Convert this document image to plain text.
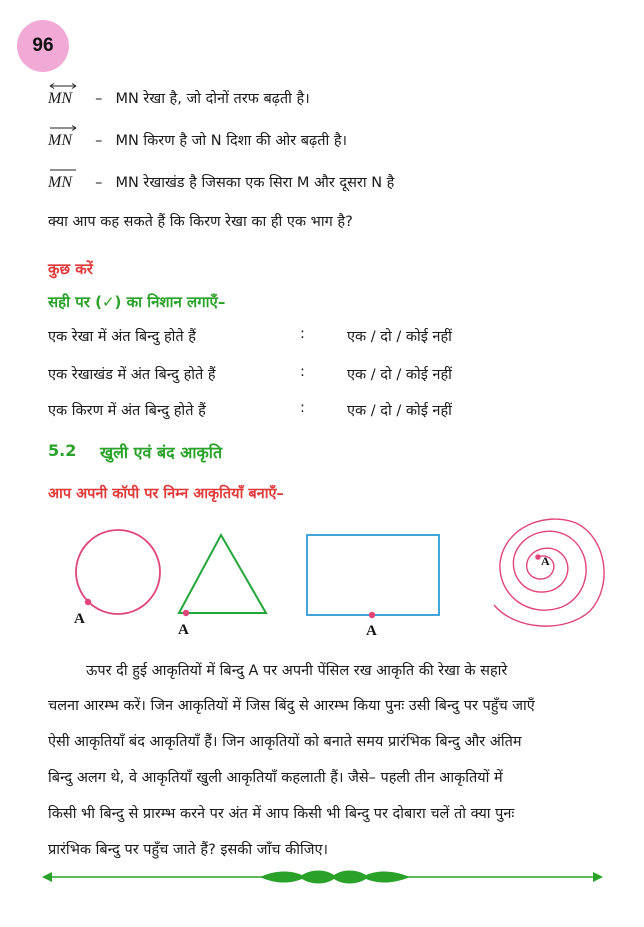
96
MN – MN रेखा है, जो दोनों तरफ बढ़ती है।
MN – MN किरण है जो N दिशा की ओर बढ़ती है।
MN – MN रेखाखंड है जिसका एक सिरा M और दूसरा N है
क्या आप कह सकते हैं कि किरण रेखा का ही एक भाग है?
कुछ करें
सही पर (✓) का निशान लगाएँ–
एक रेखा में अंत बिन्दु होते हैं	:	एक / दो / कोई नहीं
एक रेखाखंड में अंत बिन्दु होते हैं	:	एक / दो / कोई नहीं
एक किरण में अंत बिन्दु होते हैं	:	एक / दो / कोई नहीं
5.2 खुली एवं बंद आकृति
आप अपनी कॉपी पर निम्न आकृतियाँ बनाएँ–
A
A	A
A
ऊपर दी हुई आकृतियों में बिन्दु A पर अपनी पेंसिल रख आकृति की रेखा के सहारे
चलना आरम्भ करें। जिन आकृतियों में जिस बिंदु से आरम्भ किया पुनः उसी बिन्दु पर पहुँच जाएँ
ऐसी आकृतियाँ बंद आकृतियाँ हैं। जिन आकृतियों को बनाते समय प्रारंभिक बिन्दु और अंतिम
बिन्दु अलग थे, वे आकृतियाँ खुली आकृतियाँ कहलाती हैं। जैसे– पहली तीन आकृतियों में
किसी भी बिन्दु से प्रारम्भ करने पर अंत में आप किसी भी बिन्दु पर दोबारा चलें तो क्या पुनः
प्रारंभिक बिन्दु पर पहुँच जाते हैं? इसकी जाँच कीजिए।
